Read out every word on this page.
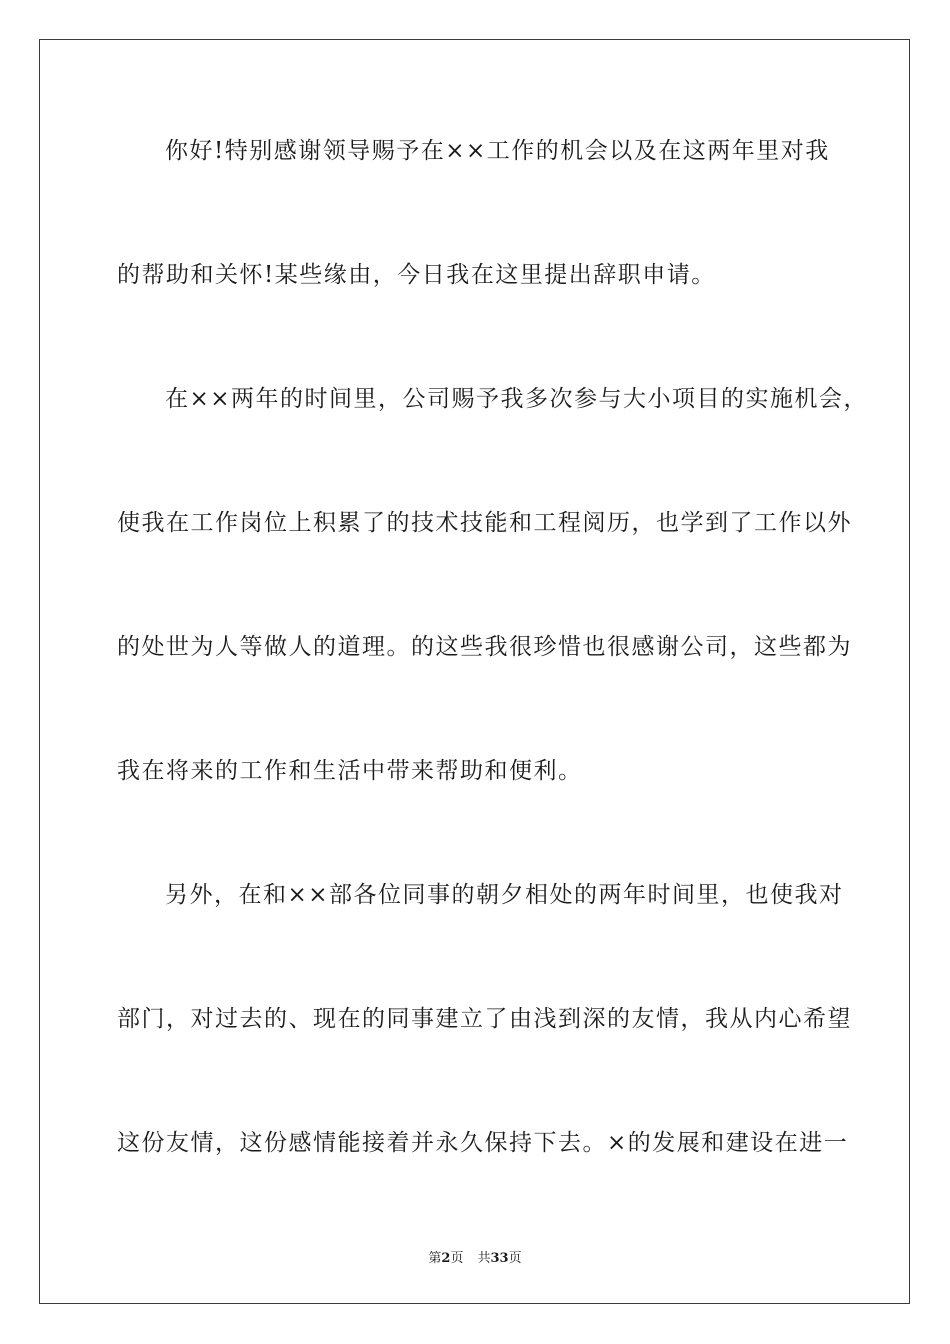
你好!特别感谢领导赐予在××工作的机会以及在这两年里对我
的帮助和关怀!某些缘由，今日我在这里提出辞职申请。
在××两年的时间里，公司赐予我多次参与大小项目的实施机会，
使我在工作岗位上积累了的技术技能和工程阅历，也学到了工作以外
的处世为人等做人的道理。的这些我很珍惜也很感谢公司，这些都为
我在将来的工作和生活中带来帮助和便利。
另外，在和××部各位同事的朝夕相处的两年时间里，也使我对
部门，对过去的、现在的同事建立了由浅到深的友情，我从内心希望
这份友情，这份感情能接着并永久保持下去。×的发展和建设在进一
第2页 共33页
